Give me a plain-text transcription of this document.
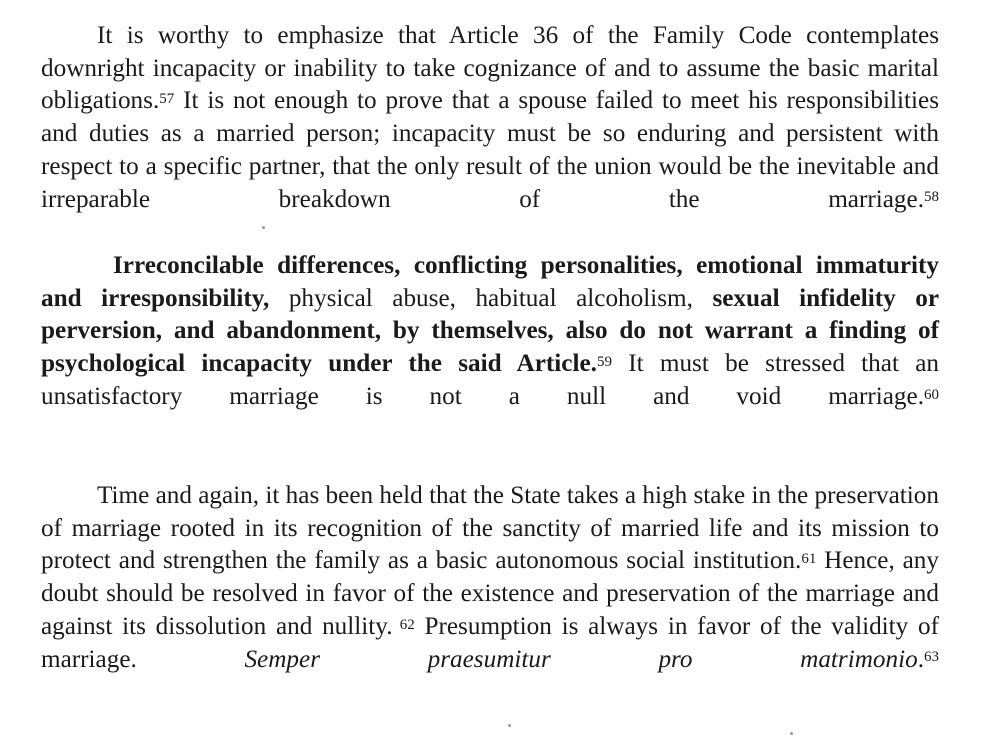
It is worthy to emphasize that Article 36 of the Family Code contemplates downright incapacity or inability to take cognizance of and to assume the basic marital obligations.$^{57}$ It is not enough to prove that a spouse failed to meet his responsibilities and duties as a married person; incapacity must be so enduring and persistent with respect to a specific partner, that the only result of the union would be the inevitable and irreparable breakdown of the marriage.$^{58}$

Irreconcilable differences, conflicting personalities, emotional immaturity and irresponsibility, physical abuse, habitual alcoholism, sexual infidelity or perversion, and abandonment, by themselves, also do not warrant a finding of psychological incapacity under the said Article.$^{59}$ It must be stressed that an unsatisfactory marriage is not a null and void marriage.$^{60}$

Time and again, it has been held that the State takes a high stake in the preservation of marriage rooted in its recognition of the sanctity of married life and its mission to protect and strengthen the family as a basic autonomous social institution.$^{61}$ Hence, any doubt should be resolved in favor of the existence and preservation of the marriage and against its dissolution and nullity. $^{62}$ Presumption is always in favor of the validity of marriage. Semper praesumitur pro matrimonio.$^{63}$
